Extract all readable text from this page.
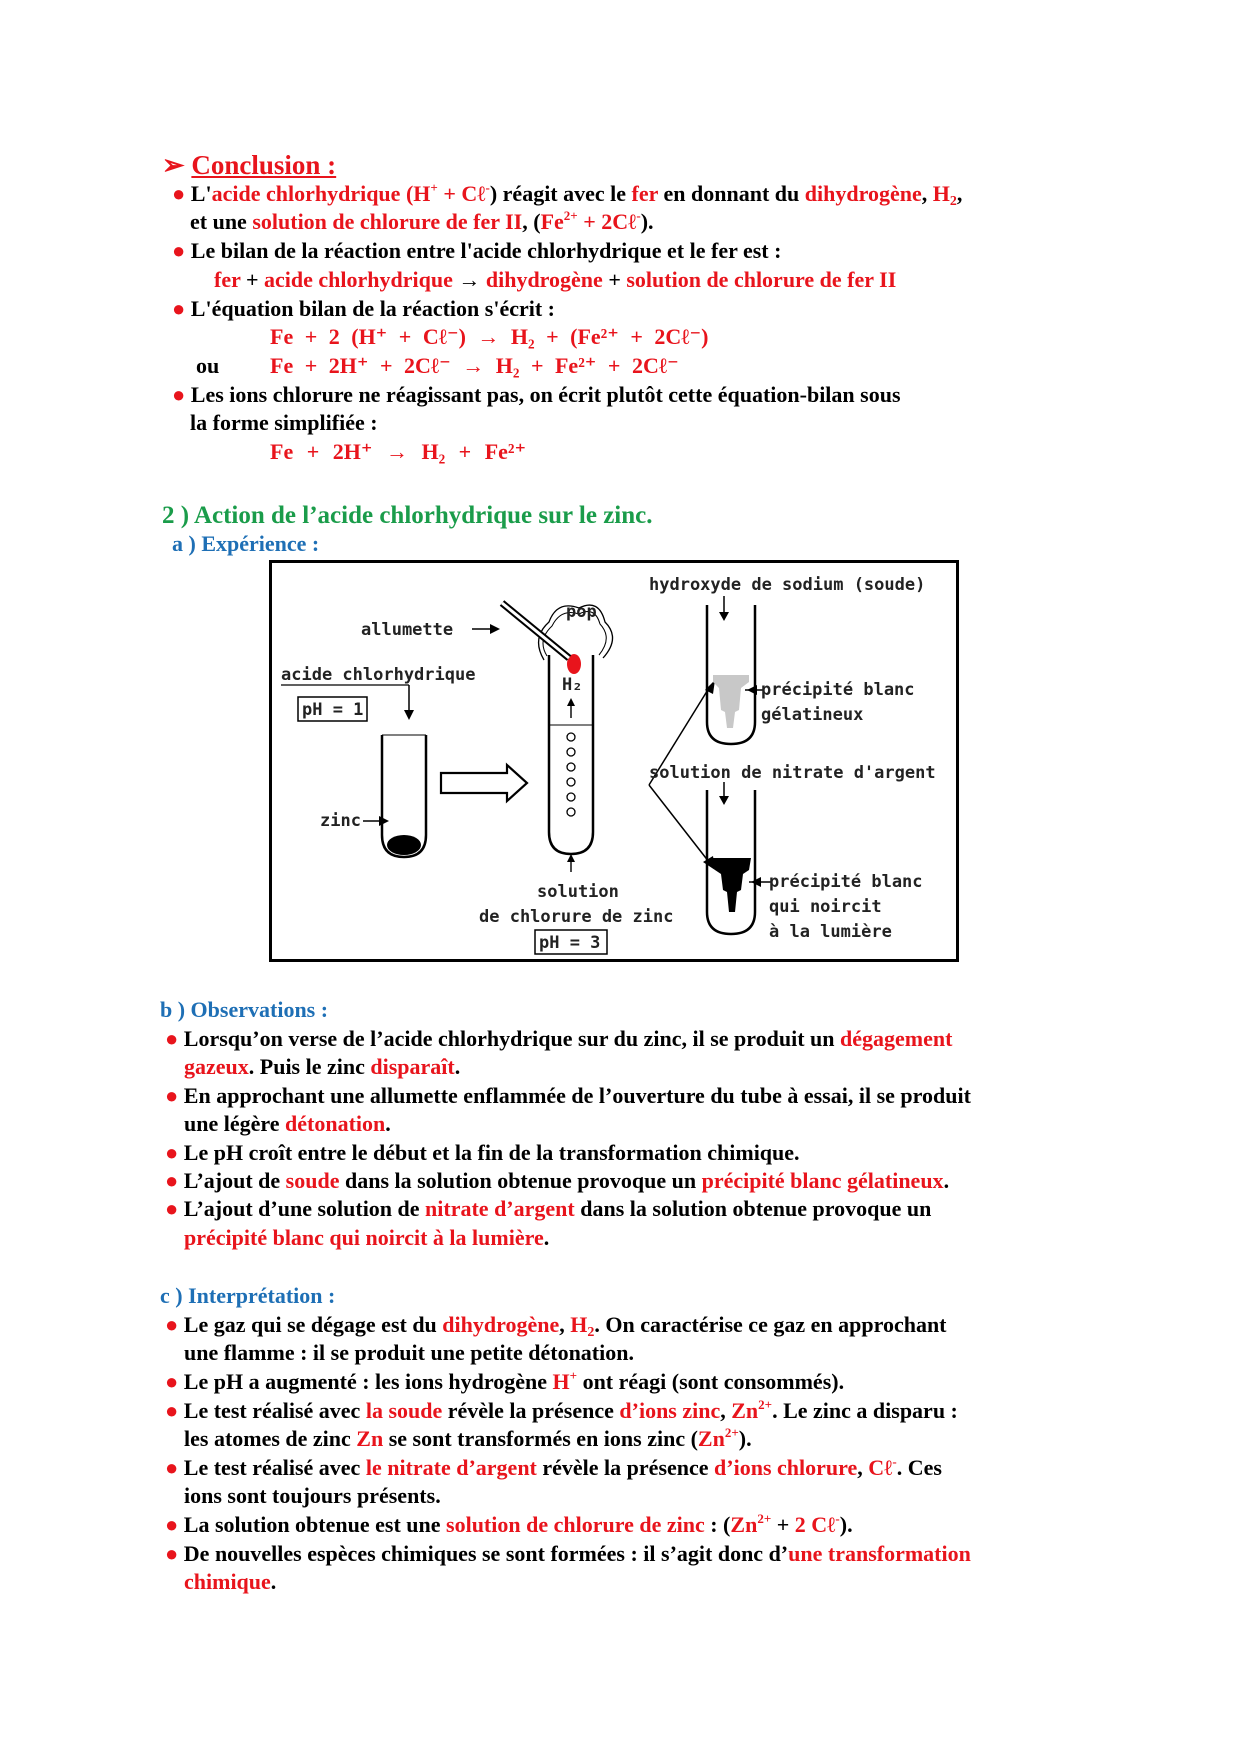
➢ Conclusion :
● L'acide chlorhydrique (H+ + Cℓ-) réagit avec le fer en donnant du dihydrogène, $H_2$,
et une solution de chlorure de fer II, ($Fe^{2+}$ + 2Cℓ-).
● Le bilan de la réaction entre l'acide chlorhydrique et le fer est :
fer + acide chlorhydrique → dihydrogène + solution de chlorure de fer II
● L'équation bilan de la réaction s'écrit :
Fe + 2 (H⁺ + Cℓ⁻) → H₂ + (Fe²⁺ + 2Cℓ⁻)
ou Fe + 2H⁺ + 2Cℓ⁻ → H₂ + Fe²⁺ + 2Cℓ⁻
● Les ions chlorure ne réagissant pas, on écrit plutôt cette équation-bilan sous
la forme simplifiée :
Fe + 2H⁺ → H₂ + Fe²⁺
2 ) Action de l’acide chlorhydrique sur le zinc.
a ) Expérience :
acide chlorhydrique
pH = 1
zinc
H₂
pop
allumette
solution
de chlorure de zinc
pH = 3
hydroxyde de sodium (soude)
précipité blanc
gélatineux
solution de nitrate d'argent
précipité blanc
qui noircit
à la lumière
b ) Observations :
● Lorsqu’on verse de l’acide chlorhydrique sur du zinc, il se produit un dégagement
gazeux. Puis le zinc disparaît.
● En approchant une allumette enflammée de l’ouverture du tube à essai, il se produit
une légère détonation.
● Le pH croît entre le début et la fin de la transformation chimique.
● L’ajout de soude dans la solution obtenue provoque un précipité blanc gélatineux.
● L’ajout d’une solution de nitrate d’argent dans la solution obtenue provoque un
précipité blanc qui noircit à la lumière.
c ) Interprétation :
● Le gaz qui se dégage est du dihydrogène, $H_2$. On caractérise ce gaz en approchant
une flamme : il se produit une petite détonation.
● Le pH a augmenté : les ions hydrogène H+ ont réagi (sont consommés).
● Le test réalisé avec la soude révèle la présence d’ions zinc, $Zn^{2+}$. Le zinc a disparu :
les atomes de zinc Zn se sont transformés en ions zinc $(Zn^{2+})$.
● Le test réalisé avec le nitrate d’argent révèle la présence d’ions chlorure, Cℓ-. Ces
ions sont toujours présents.
● La solution obtenue est une solution de chlorure de zinc : ($Zn^{2+} + 2$ Cℓ-).
● De nouvelles espèces chimiques se sont formées : il s’agit donc d’une transformation
chimique.
